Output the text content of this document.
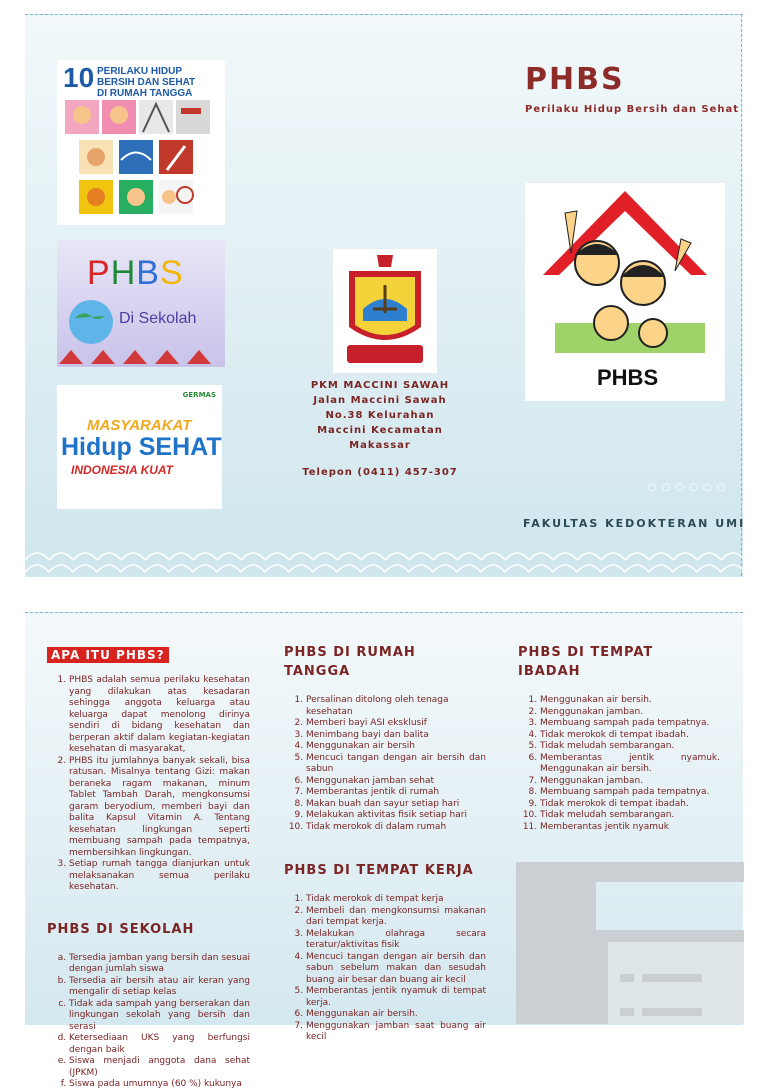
10 PERILAKU HIDUP
BERSIH DAN SEHAT
DI RUMAH TANGGA
PHBS
Di Sekolah
GERMAS
MASYARAKAT
Hidup SEHAT
INDONESIA KUAT

PKM MACCINI SAWAH

Jalan Maccini Sawah

No.38 Kelurahan

Maccini Kecamatan

Makassar

Telepon (0411) 457-307

PHBS
Perilaku Hidup Bersih dan Sehat
PHBS
○○○○○○
FAKULTAS KEDOKTERAN UMI
APA ITU PHBS?
1. PHBS adalah semua perilaku kesehatan yang dilakukan atas kesadaran sehingga anggota keluarga atau keluarga dapat menolong dirinya sendiri di bidang kesehatan dan berperan aktif dalam kegiatan-kegiatan kesehatan di masyarakat,
2. PHBS itu jumlahnya banyak sekali, bisa ratusan. Misalnya tentang Gizi: makan beraneka ragam makanan, minum Tablet Tambah Darah, mengkonsumsi garam beryodium, memberi bayi dan balita Kapsul Vitamin A. Tentang kesehatan lingkungan seperti membuang sampah pada tempatnya, membersihkan lingkungan.
3. Setiap rumah tangga dianjurkan untuk melaksanakan semua perilaku kesehatan.

PHBS DI SEKOLAH

a. Tersedia jamban yang bersih dan sesuai dengan jumlah siswa
b. Tersedia air bersih atau air keran yang mengalir di setiap kelas
c. Tidak ada sampah yang berserakan dan lingkungan sekolah yang bersih dan serasi
d. Ketersediaan UKS yang berfungsi dengan baik
e. Siswa menjadi anggota dana sehat (JPKM)
f. Siswa pada umumnya (60 %) kukunya

PHBS DI RUMAH

TANGGA

1. Persalinan ditolong oleh tenaga kesehatan
2. Memberi bayi ASI eksklusif
3. Menimbang bayi dan balita
4. Menggunakan air bersih
5. Mencuci tangan dengan air bersih dan sabun
6. Menggunakan jamban sehat
7. Memberantas jentik di rumah
8. Makan buah dan sayur setiap hari
9. Melakukan aktivitas fisik setiap hari
10. Tidak merokok di dalam rumah

PHBS DI TEMPAT KERJA

1. Tidak merokok di tempat kerja
2. Membeli dan mengkonsumsi makanan dari tempat kerja.
3. Melakukan olahraga secara teratur/aktivitas fisik
4. Mencuci tangan dengan air bersih dan sabun sebelum makan dan sesudah buang air besar dan buang air kecil
5. Memberantas jentik nyamuk di tempat kerja.
6. Menggunakan air bersih.
7. Menggunakan jamban saat buang air kecil

PHBS DI TEMPAT

IBADAH

1. Menggunakan air bersih.
2. Menggunakan jamban.
3. Membuang sampah pada tempatnya.
4. Tidak merokok di tempat ibadah.
5. Tidak meludah sembarangan.
6. Memberantas jentik nyamuk. Menggunakan air bersih.
7. Menggunakan jamban.
8. Membuang sampah pada tempatnya.
9. Tidak merokok di tempat ibadah.
10. Tidak meludah sembarangan.
11. Memberantas jentik nyamuk
